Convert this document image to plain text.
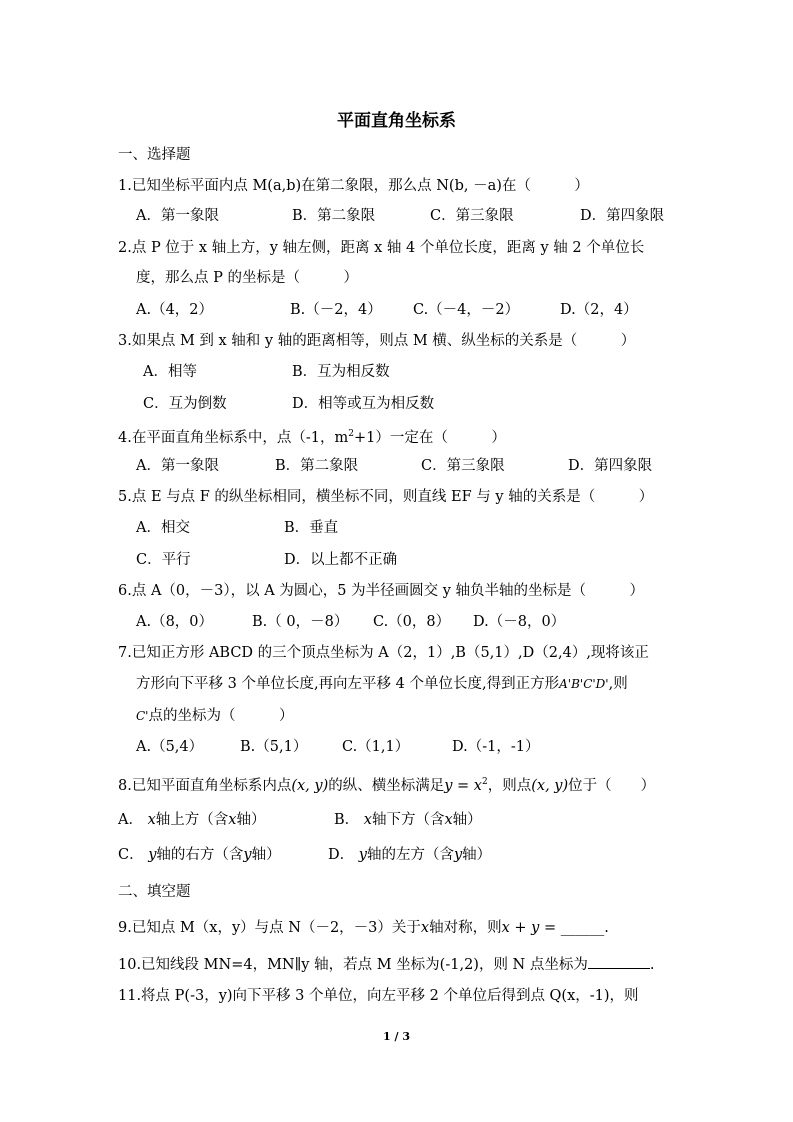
平面直角坐标系
一、选择题
1.已知坐标平面内点 M(a,b)在第二象限，那么点 N(b, －a)在（　　　）
A．第一象限	B．第二象限	C．第三象限	D．第四象限
2.点 P 位于 x 轴上方，y 轴左侧，距离 x 轴 4 个单位长度，距离 y 轴 2 个单位长
度，那么点 P 的坐标是（　　　）
A.（4，2）	B.（－2，4） C.（－4，－2）	D.（2，4）
3.如果点 M 到 x 轴和 y 轴的距离相等，则点 M 横、纵坐标的关系是（　　　）
A．相等	B．互为相反数
C．互为倒数	D．相等或互为相反数
4.在平面直角坐标系中，点（-1，$m^2+1$）一定在（　　　）
A．第一象限	B．第二象限	C．第三象限	D．第四象限
5.点 E 与点 F 的纵坐标相同，横坐标不同，则直线 EF 与 y 轴的关系是（　　　）
A．相交	B．垂直
C．平行	D．以上都不正确
6.点 A（0，－3），以 A 为圆心，5 为半径画圆交 y 轴负半轴的坐标是（　　　）
A.（8，0）	B.（ 0，－8） C.（0，8） D.（－8，0）
7.已知正方形 ABCD 的三个顶点坐标为 A（2，1）,B（5,1）,D（2,4）,现将该正
方形向下平移 3 个单位长度,再向左平移 4 个单位长度,得到正方形A'B'C'D',则
C'点的坐标为（　　　）
A.（5,4）	B.（5,1） C.（1,1）	D.（-1，-1）
8.已知平面直角坐标系内点(x, y)的纵、横坐标满足$y = x^2$，则点(x, y)位于（　　）
A． x轴上方（含x轴）	B． x轴下方（含x轴）
C． y轴的右方（含y轴）	D． y轴的左方（含y轴）
二、填空题
9.已知点 M（x，y）与点 N（－2，－3）关于x轴对称，则x + y = ______.
10.已知线段 MN=4，MN∥y 轴，若点 M 坐标为(-1,2)，则 N 点坐标为	.
11.将点 P(-3，y)向下平移 3 个单位，向左平移 2 个单位后得到点 Q(x，-1)，则
1 / 3
